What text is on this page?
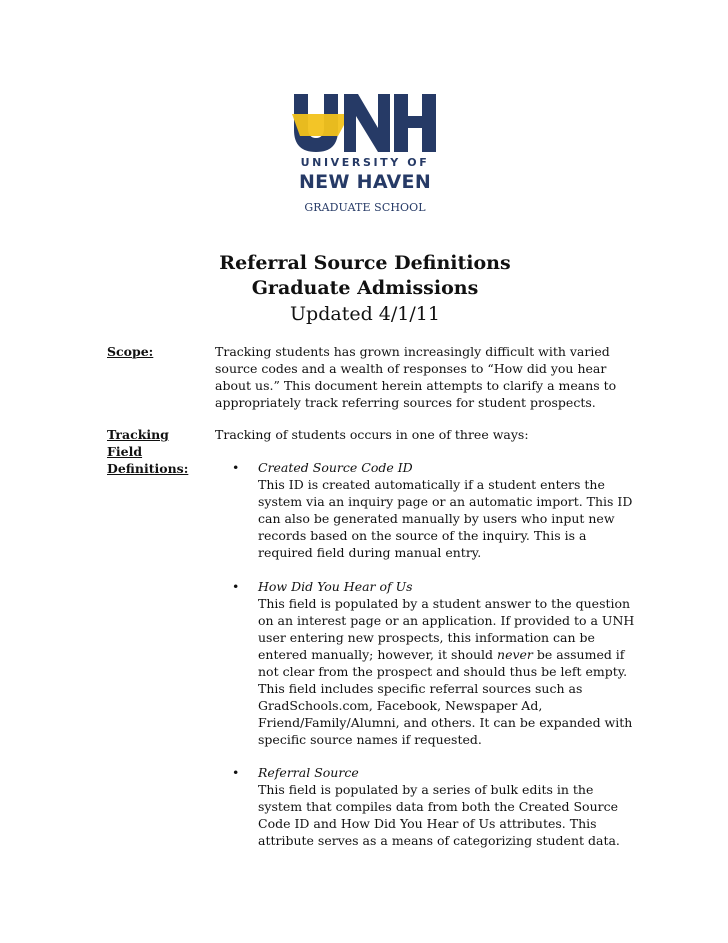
UNIVERSITY OF
NEW HAVEN
GRADUATE SCHOOL
Referral Source Definitions
Graduate Admissions
Updated 4/1/11
Scope:	Tracking students has grown increasingly difficult with varied
source codes and a wealth of responses to “How did you hear
about us.” This document herein attempts to clarify a means to
appropriately track referring sources for student prospects.
Tracking
Field
Definitions:
Tracking of students occurs in one of three ways:
• Created Source Code ID
This ID is created automatically if a student enters the
system via an inquiry page or an automatic import. This ID
can also be generated manually by users who input new
records based on the source of the inquiry. This is a
required field during manual entry.
• How Did You Hear of Us
This field is populated by a student answer to the question
on an interest page or an application. If provided to a UNH
user entering new prospects, this information can be
entered manually; however, it should never be assumed if
not clear from the prospect and should thus be left empty.
This field includes specific referral sources such as
GradSchools.com, Facebook, Newspaper Ad,
Friend/Family/Alumni, and others. It can be expanded with
specific source names if requested.
• Referral Source
This field is populated by a series of bulk edits in the
system that compiles data from both the Created Source
Code ID and How Did You Hear of Us attributes. This
attribute serves as a means of categorizing student data.
